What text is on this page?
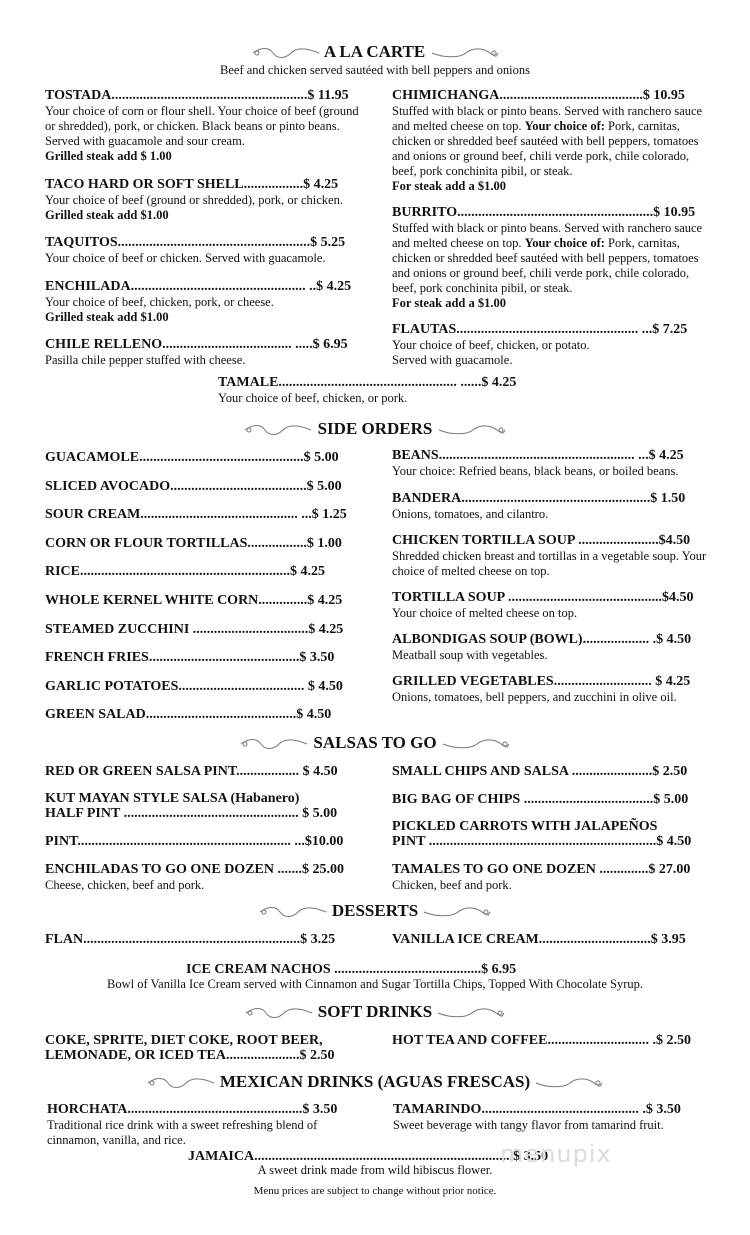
A LA CARTE
Beef and chicken served sautéed with bell peppers and onions
TOSTADA........................................................$ 11.95
Your choice of corn or flour shell. Your choice of beef (ground or shredded), pork, or chicken. Black beans or pinto beans. Served with guacamole and sour cream.
Grilled steak add $ 1.00
TACO HARD OR SOFT SHELL.................$ 4.25
Your choice of beef (ground or shredded), pork, or chicken. Grilled steak add $1.00
TAQUITOS.......................................................$ 5.25
Your choice of beef or chicken. Served with guacamole.
ENCHILADA.................................................. ..$ 4.25
Your choice of beef, chicken, pork, or cheese.
Grilled steak add $1.00
CHILE RELLENO..................................... .....$ 6.95
Pasilla chile pepper stuffed with cheese.
CHIMICHANGA.........................................$ 10.95
Stuffed with black or pinto beans. Served with ranchero sauce and melted cheese on top. Your choice of: Pork, carnitas, chicken or shredded beef sautéed with bell peppers, tomatoes and onions or ground beef, chili verde pork, chile colorado, beef, pork conchinita pibil, or steak.
For steak add a $1.00
BURRITO........................................................$ 10.95
Stuffed with black or pinto beans. Served with ranchero sauce and melted cheese on top. Your choice of: Pork, carnitas, chicken or shredded beef sautéed with bell peppers, tomatoes and onions or ground beef, chili verde pork, chile colorado, beef, pork conchinita pibil, or steak.
For steak add a $1.00
FLAUTAS.................................................... ...$ 7.25
Your choice of beef, chicken, or potato.
Served with guacamole.
TAMALE................................................... ......$ 4.25
Your choice of beef, chicken, or pork.
SIDE ORDERS
GUACAMOLE...............................................$ 5.00
SLICED AVOCADO.......................................$ 5.00
SOUR CREAM............................................. ...$ 1.25
CORN OR FLOUR TORTILLAS.................$ 1.00
RICE............................................................$ 4.25
WHOLE KERNEL WHITE CORN..............$ 4.25
STEAMED ZUCCHINI .................................$ 4.25
FRENCH FRIES...........................................$ 3.50
GARLIC POTATOES.................................... $ 4.50
GREEN SALAD...........................................$ 4.50
BEANS........................................................ ...$ 4.25
Your choice: Refried beans, black beans, or boiled beans.
BANDERA......................................................$ 1.50
Onions, tomatoes, and cilantro.
CHICKEN TORTILLA SOUP .......................$4.50
Shredded chicken breast and tortillas in a vegetable soup. Your choice of melted cheese on top.
TORTILLA SOUP ............................................$4.50
Your choice of melted cheese on top.
ALBONDIGAS SOUP (BOWL)................... .$ 4.50
Meatball soup with vegetables.
GRILLED VEGETABLES............................ $ 4.25
Onions, tomatoes, bell peppers, and zucchini in olive oil.
SALSAS TO GO
RED OR GREEN SALSA PINT.................. $ 4.50
KUT MAYAN STYLE SALSA (Habanero)
HALF PINT .................................................. $ 5.00
PINT............................................................. ...$10.00
ENCHILADAS TO GO ONE DOZEN .......$ 25.00
Cheese, chicken, beef and pork.
SMALL CHIPS AND SALSA .......................$ 2.50
BIG BAG OF CHIPS .....................................$ 5.00
PICKLED CARROTS WITH JALAPEÑOS
PINT .................................................................$ 4.50
TAMALES TO GO ONE DOZEN ..............$ 27.00
Chicken, beef and pork.
DESSERTS
FLAN..............................................................$ 3.25	VANILLA ICE CREAM................................$ 3.95
ICE CREAM NACHOS ..........................................$ 6.95
Bowl of Vanilla Ice Cream served with Cinnamon and Sugar Tortilla Chips, Topped With Chocolate Syrup.
SOFT DRINKS
COKE, SPRITE, DIET COKE, ROOT BEER,
LEMONADE, OR ICED TEA.....................$ 2.50
HOT TEA AND COFFEE............................. .$ 2.50
MEXICAN DRINKS (AGUAS FRESCAS)
HORCHATA..................................................$ 3.50
Traditional rice drink with a sweet refreshing blend of cinnamon, vanilla, and rice.
TAMARINDO............................................. .$ 3.50
Sweet beverage with tangy flavor from tamarind fruit.
JAMAICA..........................................................................$ 3.50
A sweet drink made from wild hibiscus flower.
menupix
Menu prices are subject to change without prior notice.
